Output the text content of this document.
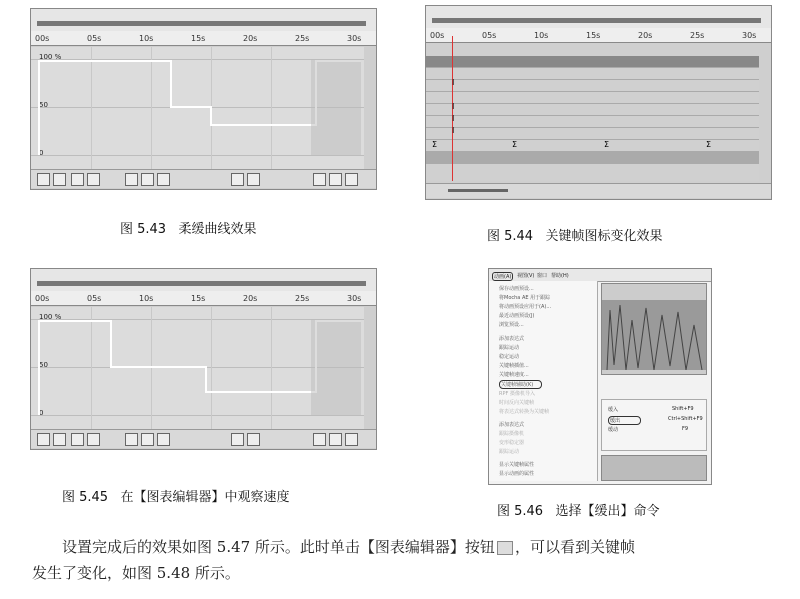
00s	05s	10s	15s	20s	25s	30s
100 %
50
0
图 5.43 柔缓曲线效果
00s	05s	10s	15s	20s	25s	30s
I
I
I
I
Σ	Σ	Σ	Σ
图 5.44 关键帧图标变化效果
00s	05s	10s	15s	20s	25s	30s
100 %
50
0
图 5.45 在【图表编辑器】中观察速度
动画(A)	视图(V) 窗口 帮助(H)
保存动画预设...
将Mocha AE 用于跟踪
将动画预设应用于(A)...
最近动画预设(J)
浏览预设...
添加表达式
跟踪运动
稳定运动
关键帧插值...
关键帧速度...
关键帧辅助(K)
RPF 摄像机导入
时间反向关键帧
将表达式转换为关键帧
添加表达式
跟踪摄像机
变形稳定器
跟踪运动
显示关键帧属性
显示动画的属性
缓入	Shift+F9
缓出	Ctrl+Shift+F9
缓动	F9
图 5.46 选择【缓出】命令
设置完成后的效果如图 5.47 所示。此时单击【图表编辑器】按钮 ，可以看到关键帧
发生了变化，如图 5.48 所示。
